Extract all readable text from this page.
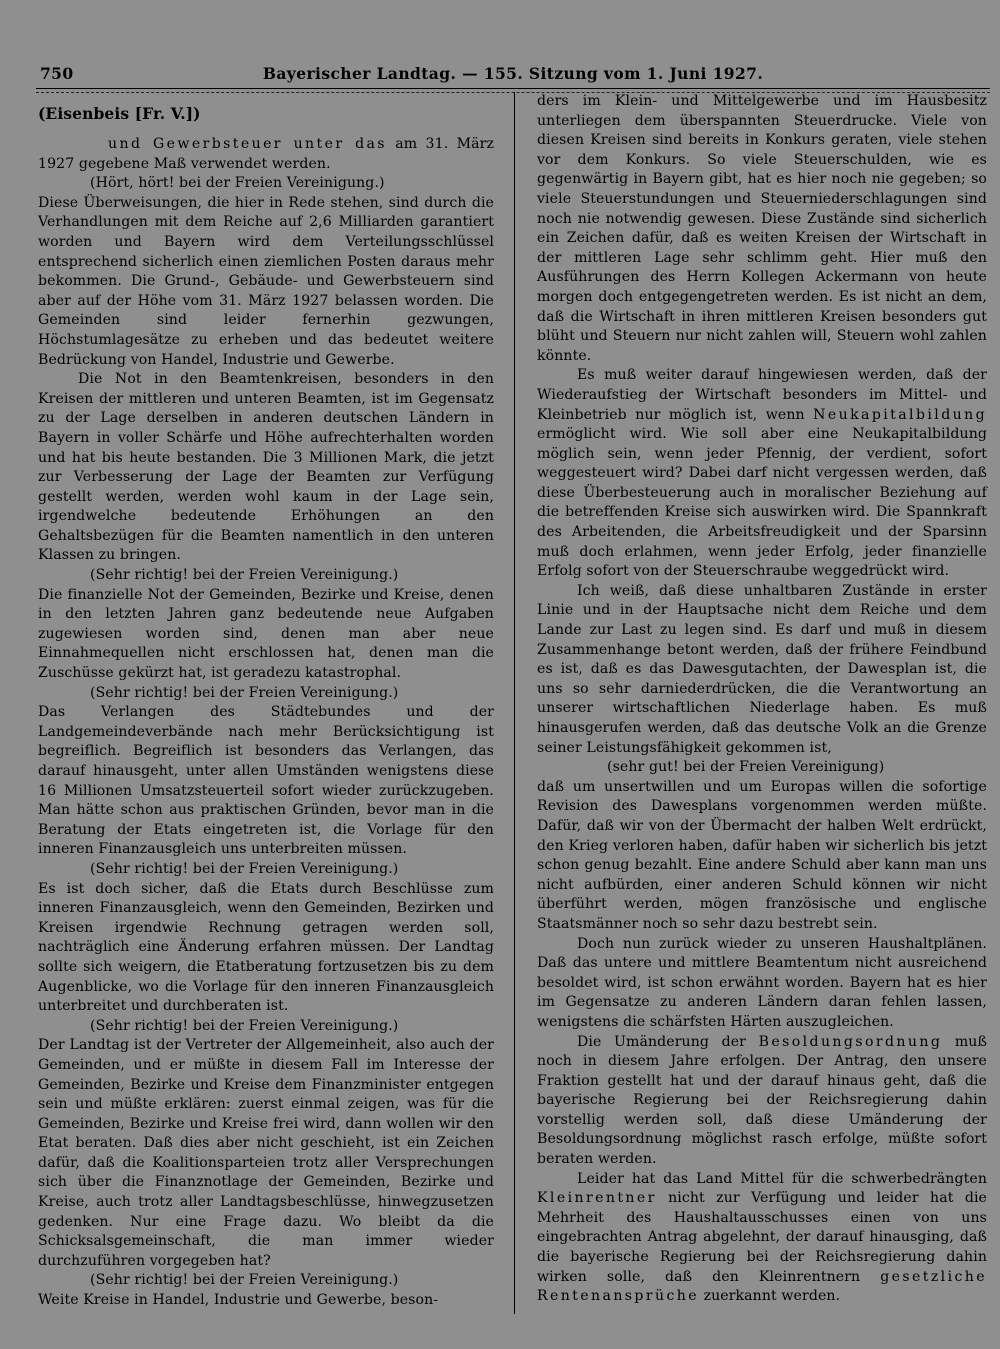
750	Bayerischer Landtag. — 155. Sitzung vom 1. Juni 1927.
(Eisenbeis [Fr. V.])

und Gewerbsteuer unter das am 31. März 1927 gegebene Maß verwendet werden.

(Hört, hört! bei der Freien Vereinigung.)

Diese Überweisungen, die hier in Rede stehen, sind durch die Verhandlungen mit dem Reiche auf 2,6 Milliarden garantiert worden und Bayern wird dem Verteilungsschlüssel entsprechend sicherlich einen ziemlichen Posten daraus mehr bekommen. Die Grund-, Gebäude- und Gewerbsteuern sind aber auf der Höhe vom 31. März 1927 belassen worden. Die Gemeinden sind leider fernerhin gezwungen, Höchstumlagesätze zu erheben und das bedeutet weitere Bedrückung von Handel, Industrie und Gewerbe.

Die Not in den Beamtenkreisen, besonders in den Kreisen der mittleren und unteren Beamten, ist im Gegensatz zu der Lage derselben in anderen deutschen Ländern in Bayern in voller Schärfe und Höhe aufrechterhalten worden und hat bis heute bestanden. Die 3 Millionen Mark, die jetzt zur Verbesserung der Lage der Beamten zur Verfügung gestellt werden, werden wohl kaum in der Lage sein, irgendwelche bedeutende Erhöhungen an den Gehaltsbezügen für die Beamten namentlich in den unteren Klassen zu bringen.

(Sehr richtig! bei der Freien Vereinigung.)

Die finanzielle Not der Gemeinden, Bezirke und Kreise, denen in den letzten Jahren ganz bedeutende neue Aufgaben zugewiesen worden sind, denen man aber neue Einnahmequellen nicht erschlossen hat, denen man die Zuschüsse gekürzt hat, ist geradezu katastrophal.

(Sehr richtig! bei der Freien Vereinigung.)

Das Verlangen des Städtebundes und der Landgemeindeverbände nach mehr Berücksichtigung ist begreiflich. Begreiflich ist besonders das Verlangen, das darauf hinausgeht, unter allen Umständen wenigstens diese 16 Millionen Umsatzsteuerteil sofort wieder zurückzugeben. Man hätte schon aus praktischen Gründen, bevor man in die Beratung der Etats eingetreten ist, die Vorlage für den inneren Finanzausgleich uns unterbreiten müssen.

(Sehr richtig! bei der Freien Vereinigung.)

Es ist doch sicher, daß die Etats durch Beschlüsse zum inneren Finanzausgleich, wenn den Gemeinden, Bezirken und Kreisen irgendwie Rechnung getragen werden soll, nachträglich eine Änderung erfahren müssen. Der Landtag sollte sich weigern, die Etatberatung fortzusetzen bis zu dem Augenblicke, wo die Vorlage für den inneren Finanzausgleich unterbreitet und durchberaten ist.

(Sehr richtig! bei der Freien Vereinigung.)

Der Landtag ist der Vertreter der Allgemeinheit, also auch der Gemeinden, und er müßte in diesem Fall im Interesse der Gemeinden, Bezirke und Kreise dem Finanzminister entgegen sein und müßte erklären: zuerst einmal zeigen, was für die Gemeinden, Bezirke und Kreise frei wird, dann wollen wir den Etat beraten. Daß dies aber nicht geschieht, ist ein Zeichen dafür, daß die Koalitionsparteien trotz aller Versprechungen sich über die Finanznotlage der Gemeinden, Bezirke und Kreise, auch trotz aller Landtagsbeschlüsse, hinwegzusetzen gedenken. Nur eine Frage dazu. Wo bleibt da die Schicksalsgemeinschaft, die man immer wieder durchzuführen vorgegeben hat?

(Sehr richtig! bei der Freien Vereinigung.)

Weite Kreise in Handel, Industrie und Gewerbe, beson-

ders im Klein- und Mittelgewerbe und im Hausbesitz unterliegen dem überspannten Steuerdrucke. Viele von diesen Kreisen sind bereits in Konkurs geraten, viele stehen vor dem Konkurs. So viele Steuerschulden, wie es gegenwärtig in Bayern gibt, hat es hier noch nie gegeben; so viele Steuerstundungen und Steuerniederschlagungen sind noch nie notwendig gewesen. Diese Zustände sind sicherlich ein Zeichen dafür, daß es weiten Kreisen der Wirtschaft in der mittleren Lage sehr schlimm geht. Hier muß den Ausführungen des Herrn Kollegen Ackermann von heute morgen doch entgegengetreten werden. Es ist nicht an dem, daß die Wirtschaft in ihren mittleren Kreisen besonders gut blüht und Steuern nur nicht zahlen will, Steuern wohl zahlen könnte.

Es muß weiter darauf hingewiesen werden, daß der Wiederaufstieg der Wirtschaft besonders im Mittel- und Kleinbetrieb nur möglich ist, wenn Neukapitalbildung ermöglicht wird. Wie soll aber eine Neukapitalbildung möglich sein, wenn jeder Pfennig, der verdient, sofort weggesteuert wird? Dabei darf nicht vergessen werden, daß diese Überbesteuerung auch in moralischer Beziehung auf die betreffenden Kreise sich auswirken wird. Die Spannkraft des Arbeitenden, die Arbeitsfreudigkeit und der Sparsinn muß doch erlahmen, wenn jeder Erfolg, jeder finanzielle Erfolg sofort von der Steuerschraube weggedrückt wird.

Ich weiß, daß diese unhaltbaren Zustände in erster Linie und in der Hauptsache nicht dem Reiche und dem Lande zur Last zu legen sind. Es darf und muß in diesem Zusammenhange betont werden, daß der frühere Feindbund es ist, daß es das Dawesgutachten, der Dawesplan ist, die uns so sehr darniederdrücken, die die Verantwortung an unserer wirtschaftlichen Niederlage haben. Es muß hinausgerufen werden, daß das deutsche Volk an die Grenze seiner Leistungsfähigkeit gekommen ist,

(sehr gut! bei der Freien Vereinigung)

daß um unsertwillen und um Europas willen die sofortige Revision des Dawesplans vorgenommen werden müßte. Dafür, daß wir von der Übermacht der halben Welt erdrückt, den Krieg verloren haben, dafür haben wir sicherlich bis jetzt schon genug bezahlt. Eine andere Schuld aber kann man uns nicht aufbürden, einer anderen Schuld können wir nicht überführt werden, mögen französische und englische Staatsmänner noch so sehr dazu bestrebt sein.

Doch nun zurück wieder zu unseren Haushaltplänen. Daß das untere und mittlere Beamtentum nicht ausreichend besoldet wird, ist schon erwähnt worden. Bayern hat es hier im Gegensatze zu anderen Ländern daran fehlen lassen, wenigstens die schärfsten Härten auszugleichen.

Die Umänderung der Besoldungsordnung muß noch in diesem Jahre erfolgen. Der Antrag, den unsere Fraktion gestellt hat und der darauf hinaus geht, daß die bayerische Regierung bei der Reichsregierung dahin vorstellig werden soll, daß diese Umänderung der Besoldungsordnung möglichst rasch erfolge, müßte sofort beraten werden.

Leider hat das Land Mittel für die schwerbedrängten Kleinrentner nicht zur Verfügung und leider hat die Mehrheit des Haushaltausschusses einen von uns eingebrachten Antrag abgelehnt, der darauf hinausging, daß die bayerische Regierung bei der Reichsregierung dahin wirken solle, daß den Kleinrentnern gesetzliche Rentenansprüche zuerkannt werden.
